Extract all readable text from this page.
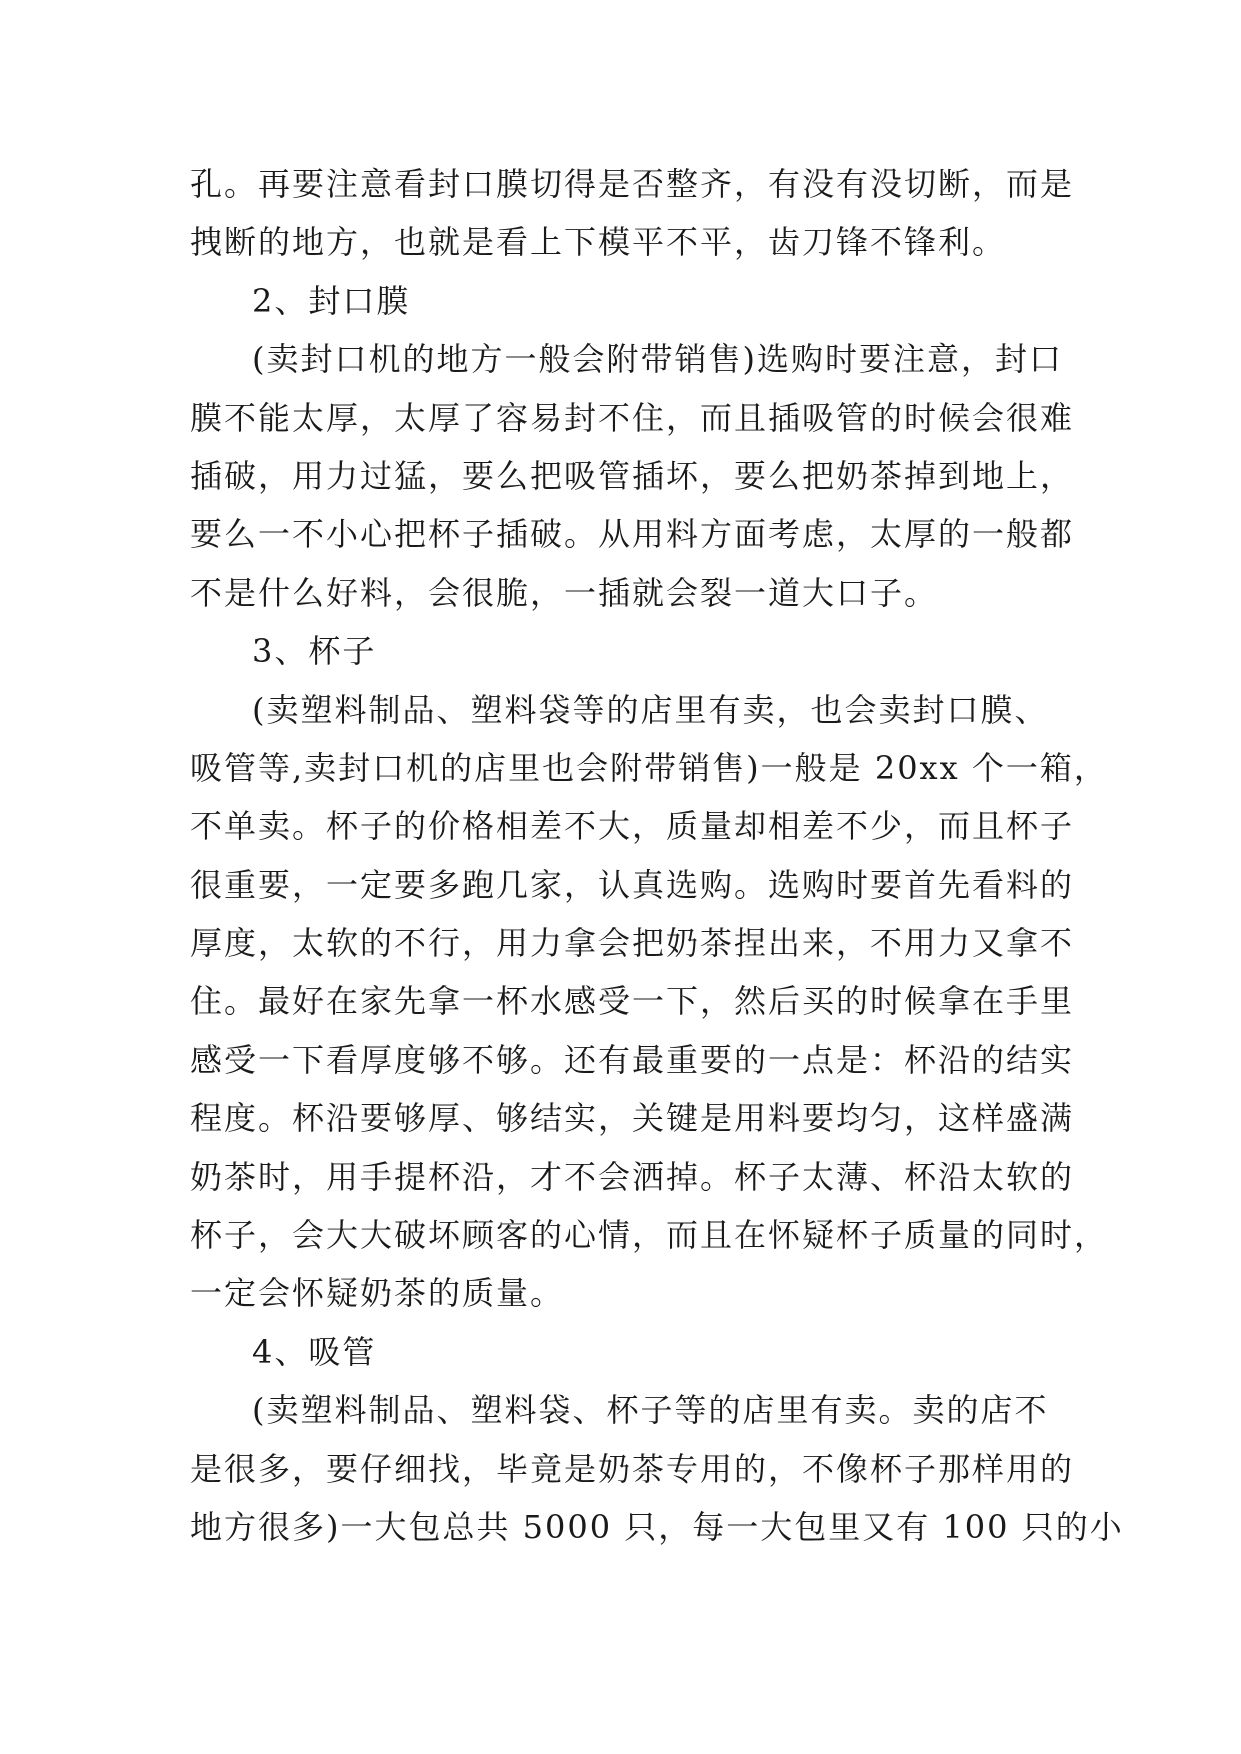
孔。再要注意看封口膜切得是否整齐，有没有没切断，而是
拽断的地方，也就是看上下模平不平，齿刀锋不锋利。
2、封口膜
(卖封口机的地方一般会附带销售)选购时要注意，封口
膜不能太厚，太厚了容易封不住，而且插吸管的时候会很难
插破，用力过猛，要么把吸管插坏，要么把奶茶掉到地上，
要么一不小心把杯子插破。从用料方面考虑，太厚的一般都
不是什么好料，会很脆，一插就会裂一道大口子。
3、杯子
(卖塑料制品、塑料袋等的店里有卖，也会卖封口膜、
吸管等,卖封口机的店里也会附带销售)一般是 20xx 个一箱，
不单卖。杯子的价格相差不大，质量却相差不少，而且杯子
很重要，一定要多跑几家，认真选购。选购时要首先看料的
厚度，太软的不行，用力拿会把奶茶捏出来，不用力又拿不
住。最好在家先拿一杯水感受一下，然后买的时候拿在手里
感受一下看厚度够不够。还有最重要的一点是：杯沿的结实
程度。杯沿要够厚、够结实，关键是用料要均匀，这样盛满
奶茶时，用手提杯沿，才不会洒掉。杯子太薄、杯沿太软的
杯子，会大大破坏顾客的心情，而且在怀疑杯子质量的同时，
一定会怀疑奶茶的质量。
4、吸管
(卖塑料制品、塑料袋、杯子等的店里有卖。卖的店不
是很多，要仔细找，毕竟是奶茶专用的，不像杯子那样用的
地方很多)一大包总共 5000 只，每一大包里又有 100 只的小
